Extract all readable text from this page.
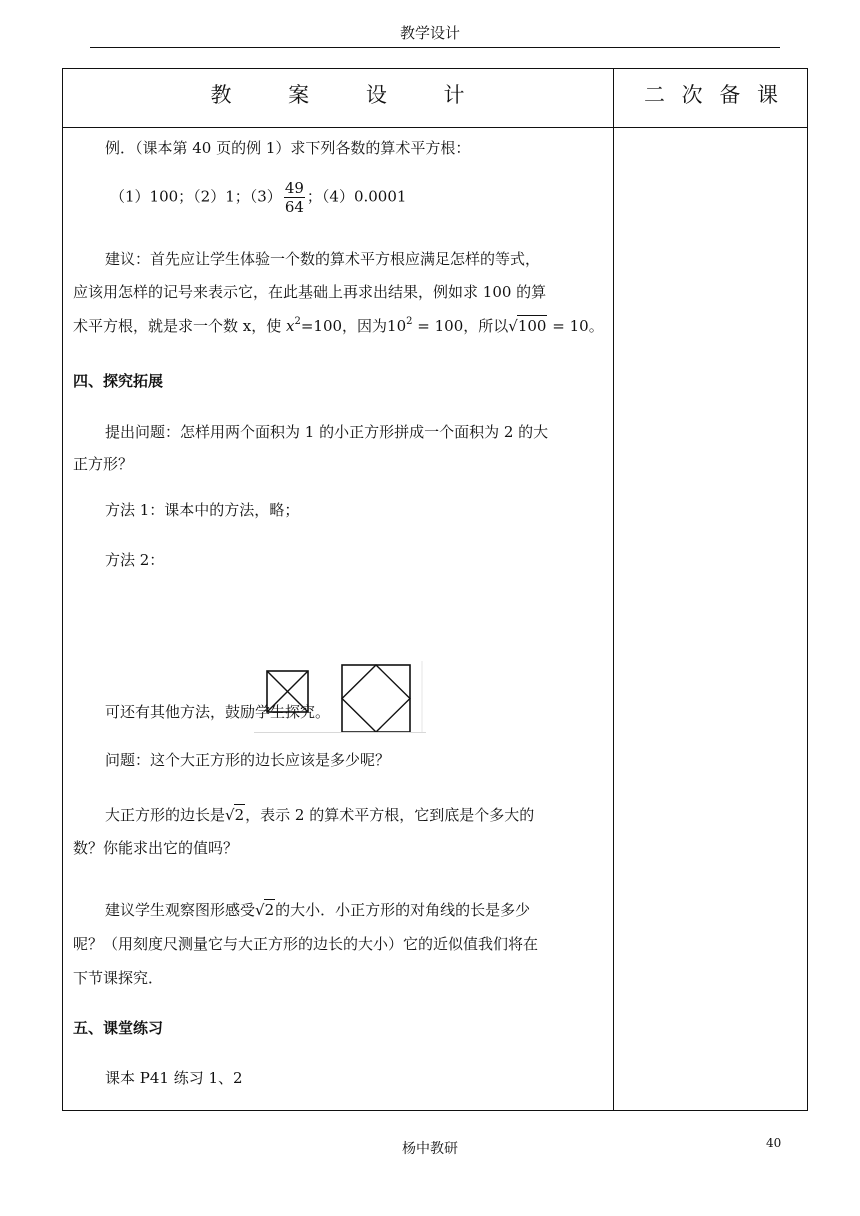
教学设计
教 案 设 计	二 次 备 课
例．（课本第 40 页的例 1）求下列各数的算术平方根：
（1）100；（2）1；$(3) \frac{49}{64}$ ；（4）0.0001
建议：首先应让学生体验一个数的算术平方根应满足怎样的等式，
应该用怎样的记号来表示它，在此基础上再求出结果，例如求 100 的算
术平方根，就是求一个数 x，使 $x^2=100$，因为$10^2 = 100$，所以√100 = 10。
四、探究拓展
提出问题：怎样用两个面积为 1 的小正方形拼成一个面积为 2 的大
正方形？
方法 1：课本中的方法，略；
方法 2：
可还有其他方法，鼓励学生探究。
问题：这个大正方形的边长应该是多少呢？
大正方形的边长是√2，表示 2 的算术平方根，它到底是个多大的
数？你能求出它的值吗？
建议学生观察图形感受√2的大小．小正方形的对角线的长是多少
呢？（用刻度尺测量它与大正方形的边长的大小）它的近似值我们将在
下节课探究．
五、课堂练习
课本 P41 练习 1、2
杨中教研	40
